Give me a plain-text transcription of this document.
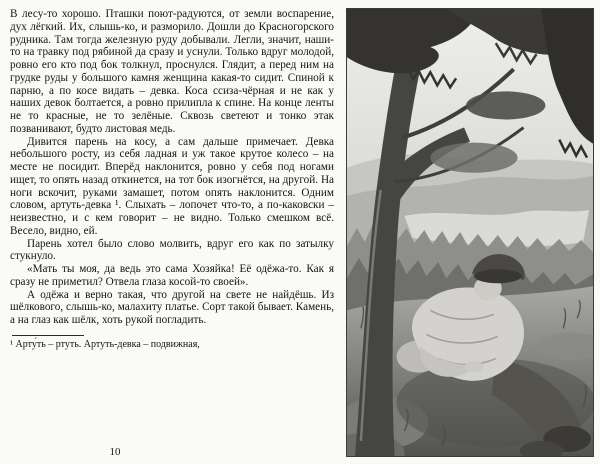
В лесу-то хорошо. Пташки поют-радуются, от земли воспарение, дух лёгкий. Их, слышь-ко, и разморило. Дошли до Красногорского рудника. Там тогда железную руду добывали. Легли, значит, наши-то на травку под рябиной да сразу и уснули. Только вдруг молодой, ровно его кто под бок толкнул, проснулся. Глядит, а перед ним на грудке руды у большого камня женщина какая-то сидит. Спиной к парню, а по косе видать – девка. Коса ссиза-чёрная и не как у наших девок болтается, а ровно прилипла к спине. На конце ленты не то красные, не то зелёные. Сквозь светеют и тонко этак позванивают, будто листовая медь.

Дивится парень на косу, а сам дальше примечает. Девка небольшого росту, из себя ладная и уж такое крутое колесо – на месте не посидит. Вперёд наклонится, ровно у себя под ногами ищет, то опять назад откинется, на тот бок изогнётся, на другой. На ноги вскочит, руками замашет, потом опять наклонится. Одним словом, артуть-девка ¹. Слыхать – лопочет что-то, а по-каковски – неизвестно, и с кем говорит – не видно. Только смешком всё. Весело, видно, ей.

Парень хотел было слово молвить, вдруг его как по затылку стукнуло.

«Мать ты моя, да ведь это сама Хозяйка! Её одёжа-то. Как я сразу не приметил? Отвела глаза косой-то своей».

А одёжа и верно такая, что другой на свете не найдёшь. Из шёлкового, слышь-ко, малахиту платье. Сорт такой бывает. Камень, а на глаз как шёлк, хоть рукой погладить.

¹ Арту́ть – ртуть. Артуть-девка – подвижная,
10
